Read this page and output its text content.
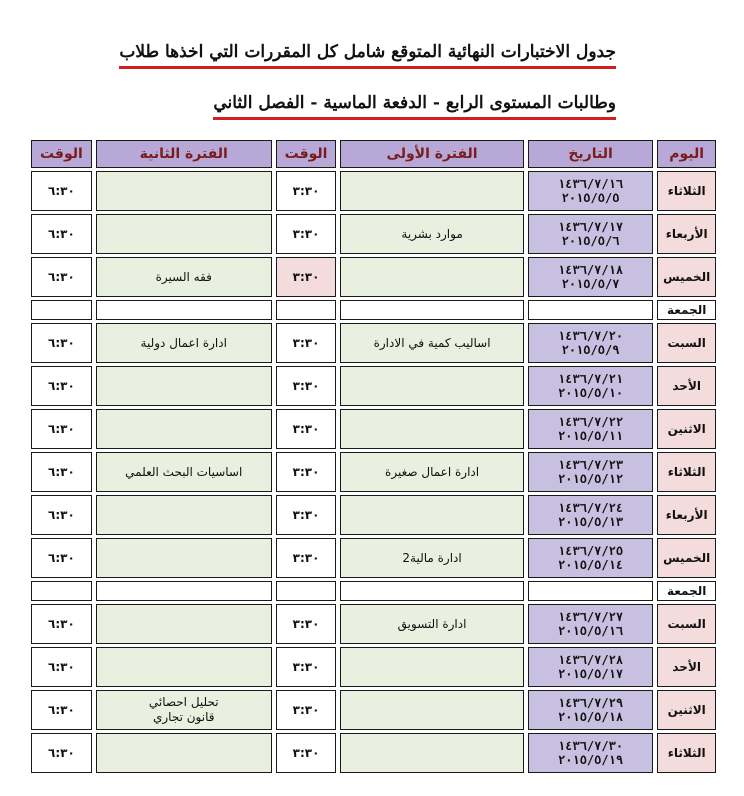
جدول الاختبارات النهائية المتوقع شامل كل المقررات التي اخذها طلاب
وطالبات المستوى الرابع - الدفعة الماسية - الفصل الثاني
اليوم	التاريخ	الفترة الأولى	الوقت	الفترة الثانية	الوقت
الثلاثاء	١٤٣٦/٧/١٦
٢٠١٥/٥/٥		٣:٣٠		٦:٣٠
الأربعاء	١٤٣٦/٧/١٧
٢٠١٥/٥/٦	موارد بشرية	٣:٣٠		٦:٣٠
الخميس	١٤٣٦/٧/١٨
٢٠١٥/٥/٧		٣:٣٠	فقه السيرة	٦:٣٠
الجمعة					
السبت	١٤٣٦/٧/٢٠
٢٠١٥/٥/٩	اساليب كمية في الادارة	٣:٣٠	ادارة اعمال دولية	٦:٣٠
الأحد	١٤٣٦/٧/٢١
٢٠١٥/٥/١٠		٣:٣٠		٦:٣٠
الاثنين	١٤٣٦/٧/٢٢
٢٠١٥/٥/١١		٣:٣٠		٦:٣٠
الثلاثاء	١٤٣٦/٧/٢٣
٢٠١٥/٥/١٢	ادارة اعمال صغيرة	٣:٣٠	اساسيات البحث العلمي	٦:٣٠
الأربعاء	١٤٣٦/٧/٢٤
٢٠١٥/٥/١٣		٣:٣٠		٦:٣٠
الخميس	١٤٣٦/٧/٢٥
٢٠١٥/٥/١٤	ادارة مالية2	٣:٣٠		٦:٣٠
الجمعة					
السبت	١٤٣٦/٧/٢٧
٢٠١٥/٥/١٦	ادارة التسويق	٣:٣٠		٦:٣٠
الأحد	١٤٣٦/٧/٢٨
٢٠١٥/٥/١٧		٣:٣٠		٦:٣٠
الاثنين	١٤٣٦/٧/٢٩
٢٠١٥/٥/١٨		٣:٣٠	تحليل احصائي
قانون تجاري	٦:٣٠
الثلاثاء	١٤٣٦/٧/٣٠
٢٠١٥/٥/١٩		٣:٣٠		٦:٣٠
